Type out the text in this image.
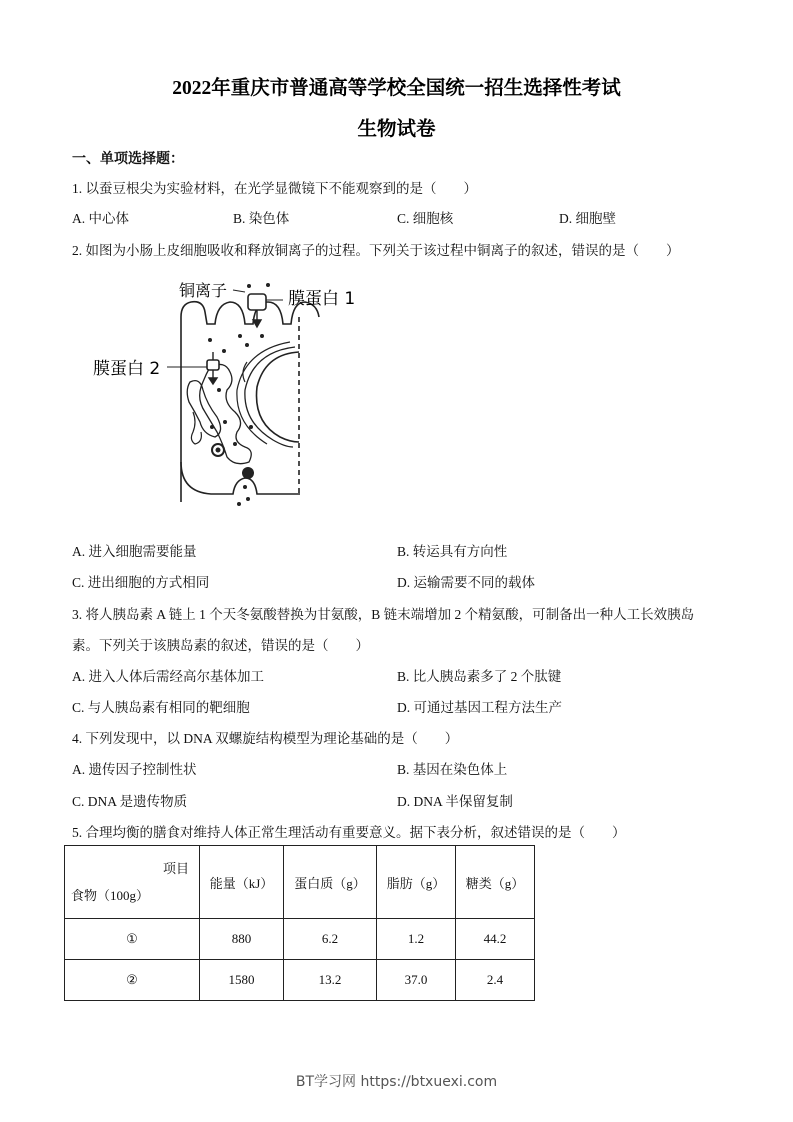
2022年重庆市普通高等学校全国统一招生选择性考试
生物试卷
一、单项选择题：
1. 以蚕豆根尖为实验材料，在光学显微镜下不能观察到的是（　　）
A. 中心体	B. 染色体	C. 细胞核	D. 细胞壁
2. 如图为小肠上皮细胞吸收和释放铜离子的过程。下列关于该过程中铜离子的叙述，错误的是（　　）
铜离子	膜蛋白 1
膜蛋白 2
A. 进入细胞需要能量	B. 转运具有方向性
C. 进出细胞的方式相同	D. 运输需要不同的载体
3. 将人胰岛素 A 链上 1 个天冬氨酸替换为甘氨酸，B 链末端增加 2 个精氨酸，可制备出一种人工长效胰岛
素。下列关于该胰岛素的叙述，错误的是（　　）
A. 进入人体后需经高尔基体加工	B. 比人胰岛素多了 2 个肽键
C. 与人胰岛素有相同的靶细胞	D. 可通过基因工程方法生产
4. 下列发现中，以 DNA 双螺旋结构模型为理论基础的是（　　）
A. 遗传因子控制性状	B. 基因在染色体上
C. DNA 是遗传物质	D. DNA 半保留复制
5. 合理均衡的膳食对维持人体正常生理活动有重要意义。据下表分析，叙述错误的是（　　）
项目
食物（100g）	能量（kJ）	蛋白质（g）	脂肪（g）	糖类（g）
①	880	6.2	1.2	44.2
②	1580	13.2	37.0	2.4
BT学习网 https://btxuexi.com
